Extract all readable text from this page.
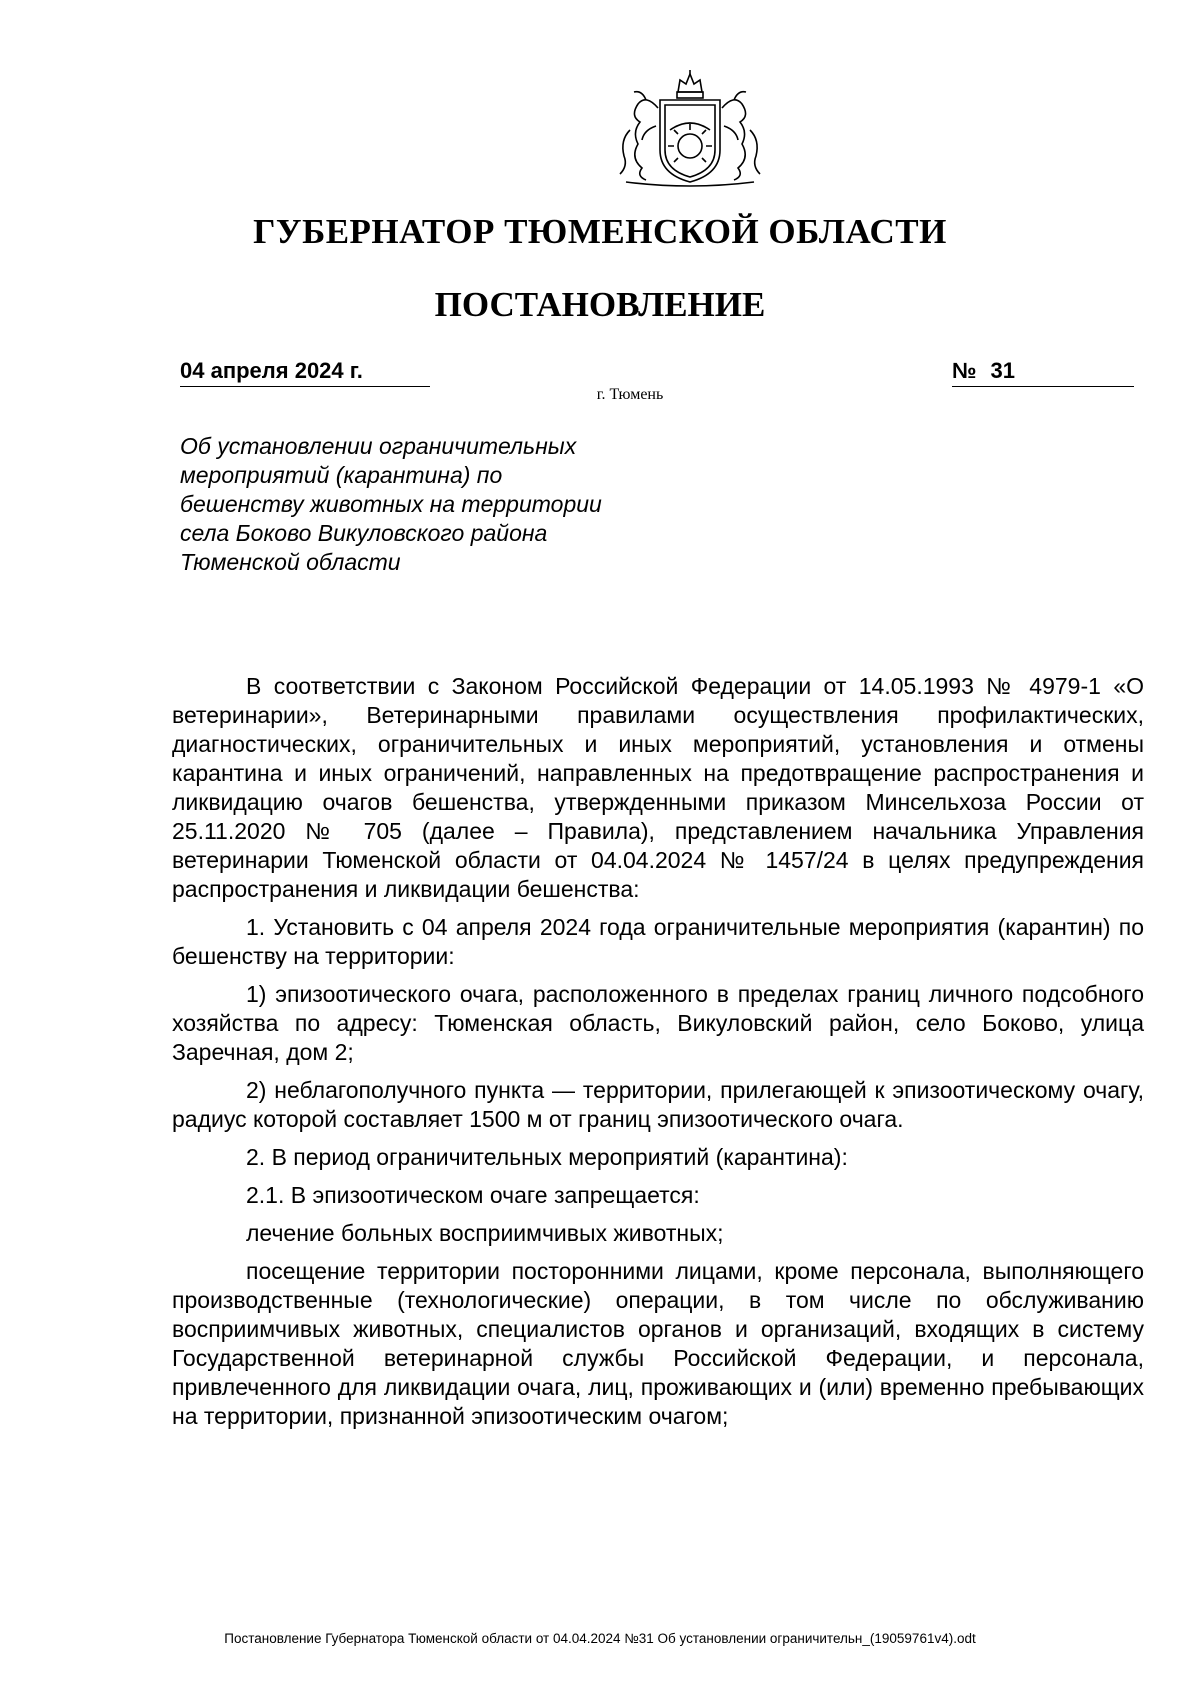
ГУБЕРНАТОР ТЮМЕНСКОЙ ОБЛАСТИ
ПОСТАНОВЛЕНИЕ
04 апреля 2024 г.	№ 31
г. Тюмень
Об установлении ограничительных
мероприятий (карантина) по
бешенству животных на территории
села Боково Викуловского района
Тюменской области

В соответствии с Законом Российской Федерации от 14.05.1993 № 4979-1 «О ветеринарии», Ветеринарными правилами осуществления профилактических, диагностических, ограничительных и иных мероприятий, установления и отмены карантина и иных ограничений, направленных на предотвращение распространения и ликвидацию очагов бешенства, утвержденными приказом Минсельхоза России от 25.11.2020 № 705 (далее – Правила), представлением начальника Управления ветеринарии Тюменской области от 04.04.2024 № 1457/24 в целях предупреждения распространения и ликвидации бешенства:

1. Установить с 04 апреля 2024 года ограничительные мероприятия (карантин) по бешенству на территории:

1) эпизоотического очага, расположенного в пределах границ личного подсобного хозяйства по адресу: Тюменская область, Викуловский район, село Боково, улица Заречная, дом 2;

2) неблагополучного пункта — территории, прилегающей к эпизоотическому очагу, радиус которой составляет 1500 м от границ эпизоотического очага.

2. В период ограничительных мероприятий (карантина):

2.1. В эпизоотическом очаге запрещается:

лечение больных восприимчивых животных;

посещение территории посторонними лицами, кроме персонала, выполняющего производственные (технологические) операции, в том числе по обслуживанию восприимчивых животных, специалистов органов и организаций, входящих в систему Государственной ветеринарной службы Российской Федерации, и персонала, привлеченного для ликвидации очага, лиц, проживающих и (или) временно пребывающих на территории, признанной эпизоотическим очагом;

Постановление Губернатора Тюменской области от 04.04.2024 №31 Об установлении ограничительн_(19059761v4).odt
